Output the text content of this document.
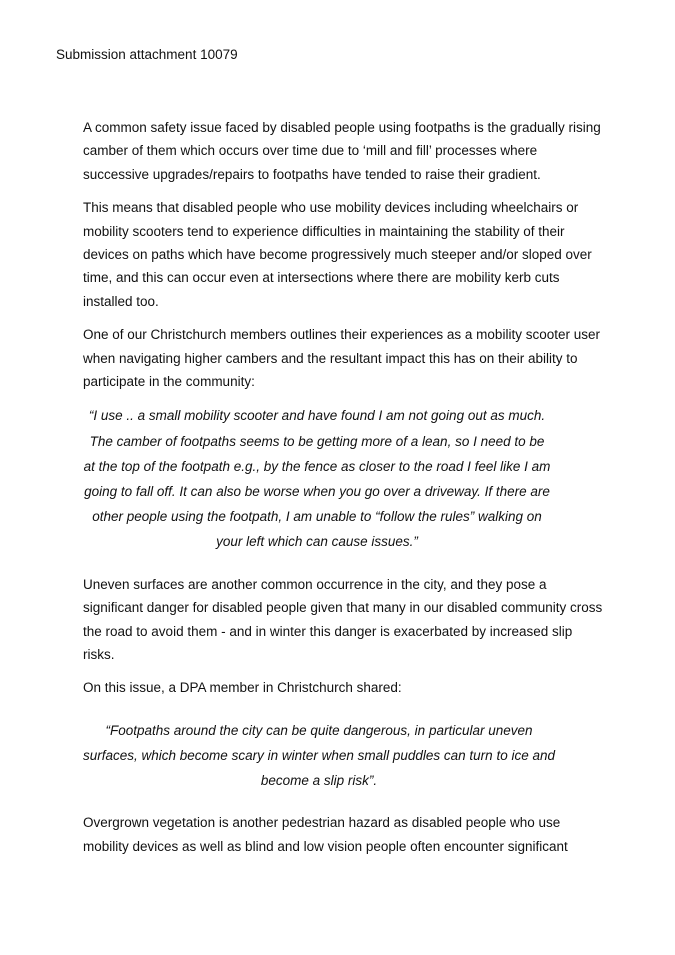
Submission attachment 10079

A common safety issue faced by disabled people using footpaths is the gradually rising camber of them which occurs over time due to ‘mill and fill’ processes where successive upgrades/repairs to footpaths have tended to raise their gradient.

This means that disabled people who use mobility devices including wheelchairs or mobility scooters tend to experience difficulties in maintaining the stability of their devices on paths which have become progressively much steeper and/or sloped over time, and this can occur even at intersections where there are mobility kerb cuts installed too.

One of our Christchurch members outlines their experiences as a mobility scooter user when navigating higher cambers and the resultant impact this has on their ability to participate in the community:

“I use .. a small mobility scooter and have found I am not going out as much. The camber of footpaths seems to be getting more of a lean, so I need to be at the top of the footpath e.g., by the fence as closer to the road I feel like I am going to fall off. It can also be worse when you go over a driveway. If there are other people using the footpath, I am unable to “follow the rules” walking on your left which can cause issues.”

Uneven surfaces are another common occurrence in the city, and they pose a significant danger for disabled people given that many in our disabled community cross the road to avoid them - and in winter this danger is exacerbated by increased slip risks.

On this issue, a DPA member in Christchurch shared:

“Footpaths around the city can be quite dangerous, in particular uneven surfaces, which become scary in winter when small puddles can turn to ice and become a slip risk”.

Overgrown vegetation is another pedestrian hazard as disabled people who use mobility devices as well as blind and low vision people often encounter significant
